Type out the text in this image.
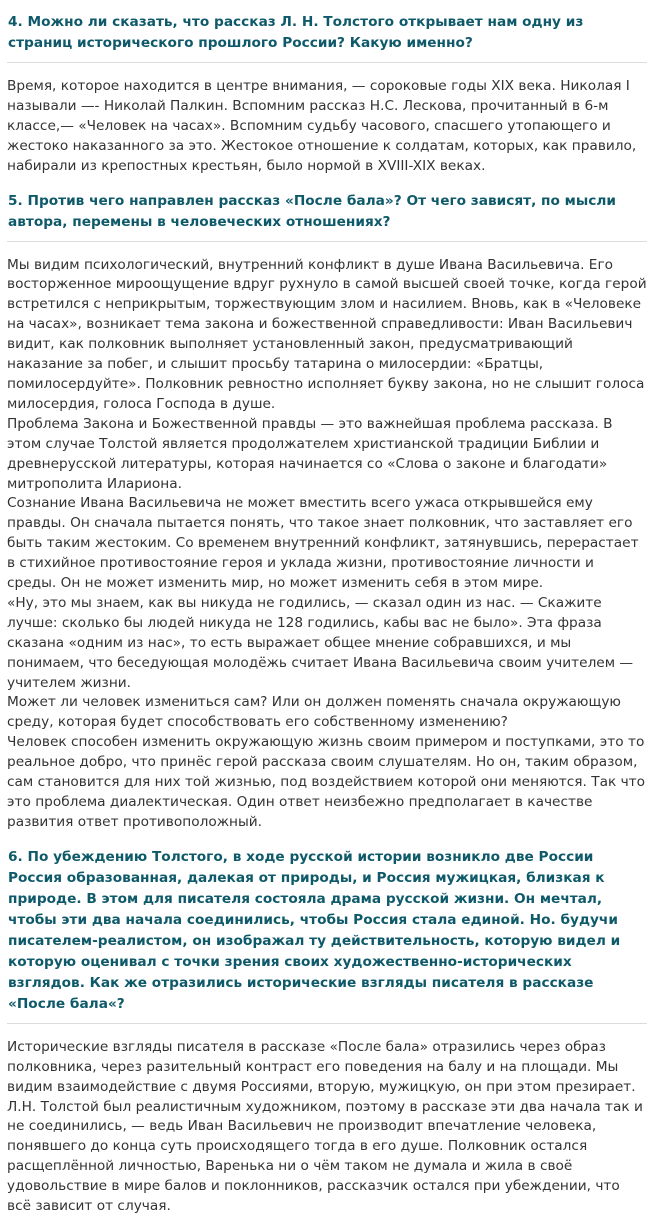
4. Можно ли сказать, что рассказ Л. Н. Толстого открывает нам одну из страниц исторического прошлого России? Какую именно?

Время, которое находится в центре внимания, — сороковые годы XIX века. Николая I называли —- Николай Палкин. Вспомним рассказ Н.С. Лескова, прочитанный в 6-м классе,— «Человек на часах». Вспомним судьбу часового, спасшего утопающего и жестоко наказанного за это. Жестокое отношение к солдатам, которых, как правило, набирали из крепостных крестьян, было нормой в XVIII-XIX веках.

5. Против чего направлен рассказ «После бала»? От чего зависят, по мысли автора, перемены в человеческих отношениях?

Мы видим психологический, внутренний конфликт в душе Ивана Васильевича. Его восторженное мироощущение вдруг рухнуло в самой высшей своей точке, когда герой встретился с неприкрытым, торжествующим злом и насилием. Вновь, как в «Человеке на часах», возникает тема закона и божественной справедливости: Иван Васильевич видит, как полковник выполняет установленный закон, предусматривающий наказание за побег, и слышит просьбу татарина о милосердии: «Братцы, помилосердуйте». Полковник ревностно исполняет букву закона, но не слышит голоса милосердия, голоса Господа в душе.

Проблема Закона и Божественной правды — это важнейшая проблема рассказа. В этом случае Толстой является продолжателем христианской традиции Библии и древнерусской литературы, которая начинается со «Слова о законе и благодати» митрополита Илариона.

Сознание Ивана Васильевича не может вместить всего ужаса открывшейся ему правды. Он сначала пытается понять, что такое знает полковник, что заставляет его быть таким жестоким. Со временем внутренний конфликт, затянувшись, перерастает в стихийное противостояние героя и уклада жизни, противостояние личности и среды. Он не может изменить мир, но может изменить себя в этом мире.

«Ну, это мы знаем, как вы никуда не годились, — сказал один из нас. — Скажите лучше: сколько бы людей никуда не 128 годились, кабы вас не было». Эта фраза сказана «одним из нас», то есть выражает общее мнение собравшихся, и мы понимаем, что беседующая молодёжь считает Ивана Васильевича своим учителем — учителем жизни.

Может ли человек измениться сам? Или он должен поменять сначала окружающую среду, которая будет способствовать его собственному изменению?

Человек способен изменить окружающую жизнь своим примером и поступками, это то реальное добро, что принёс герой рассказа своим слушателям. Но он, таким образом, сам становится для них той жизнью, под воздействием которой они меняются. Так что это проблема диалектическая. Один ответ неизбежно предполагает в качестве развития ответ противоположный.

6. По убеждению Толстого, в ходе русской истории возникло две России Россия образованная, далекая от природы, и Россия мужицкая, близкая к природе. В этом для писателя состояла драма русской жизни. Он мечтал, чтобы эти два начала соединились, чтобы Россия стала единой. Но. будучи писателем-реалистом, он изображал ту действительность, которую видел и которую оценивал с точки зрения своих художественно-исторических взглядов. Как же отразились исторические взгляды писателя в рассказе «После бала«?

Исторические взгляды писателя в рассказе «После бала» отразились через образ полковника, через разительный контраст его поведения на балу и на площади. Мы видим взаимодействие с двумя Россиями, вторую, мужицкую, он при этом презирает. Л.Н. Толстой был реалистичным художником, поэтому в рассказе эти два начала так и не соединились, — ведь Иван Васильевич не производит впечатление человека, понявшего до конца суть происходящего тогда в его душе. Полковник остался расщеплённой личностью, Варенька ни о чём таком не думала и жила в своё удовольствие в мире балов и поклонников, рассказчик остался при убеждении, что всё зависит от случая.
